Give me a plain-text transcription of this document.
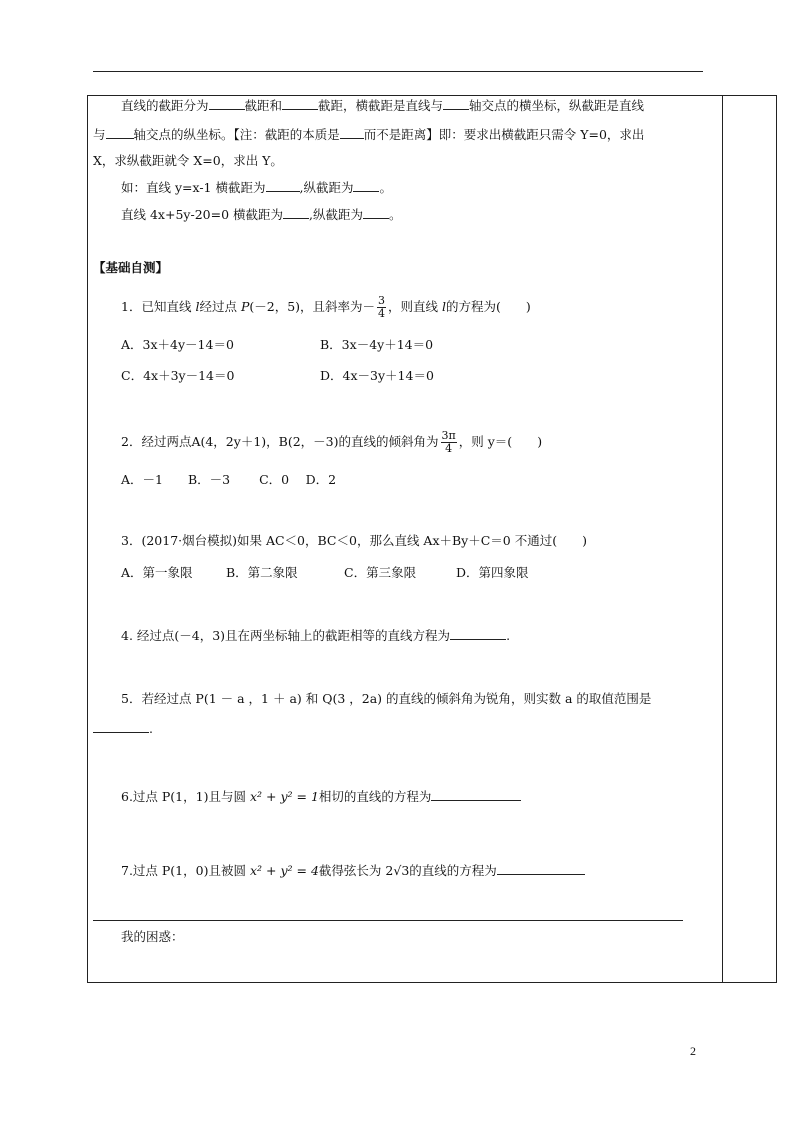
直线的截距分为	截距和	截距，横截距是直线与 轴交点的横坐标，纵截距是直线
与 轴交点的纵坐标。【注：截距的本质是 而不是距离】即：要求出横截距只需令 Y=0，求出
X，求纵截距就令 X=0，求出 Y。
如：直线 y=x-1 横截距为	,纵截距为 。
直线 4x+5y-20=0 横截距为 ,纵截距为 。
【基础自测】
1．已知直线 l经过点 P(－2，5)，且斜率为－ $\frac{3}{4}$ ，则直线 l的方程为(　　)
A．3x＋4y－14＝0	B．3x－4y＋14＝0
C．4x＋3y－14＝0	D．4x－3y＋14＝0
2．经过两点A(4，2y＋1)，B(2，－3)的直线的倾斜角为 $\frac{3\pi}{4}$ ，则 y＝(　　)
A．－1　　B．－3　　 C．0　 D．2
3．(2017·烟台模拟)如果 AC＜0，BC＜0，那么直线 Ax＋By＋C＝0 不通过(　　)
A．第一象限	B．第二象限	C．第三象限	D．第四象限
4. 经过点(－4，3)且在两坐标轴上的截距相等的直线方程为	.
5．若经过点 P(1 － a ，1 ＋ a) 和 Q(3 ，2a) 的直线的倾斜角为锐角，则实数 a 的取值范围是
.
6.过点 P(1，1)且与圆 x² + y² = 1相切的直线的方程为
7.过点 P(1，0)且被圆 x² + y² = 4截得弦长为 2√3的直线的方程为
我的困惑：
2
